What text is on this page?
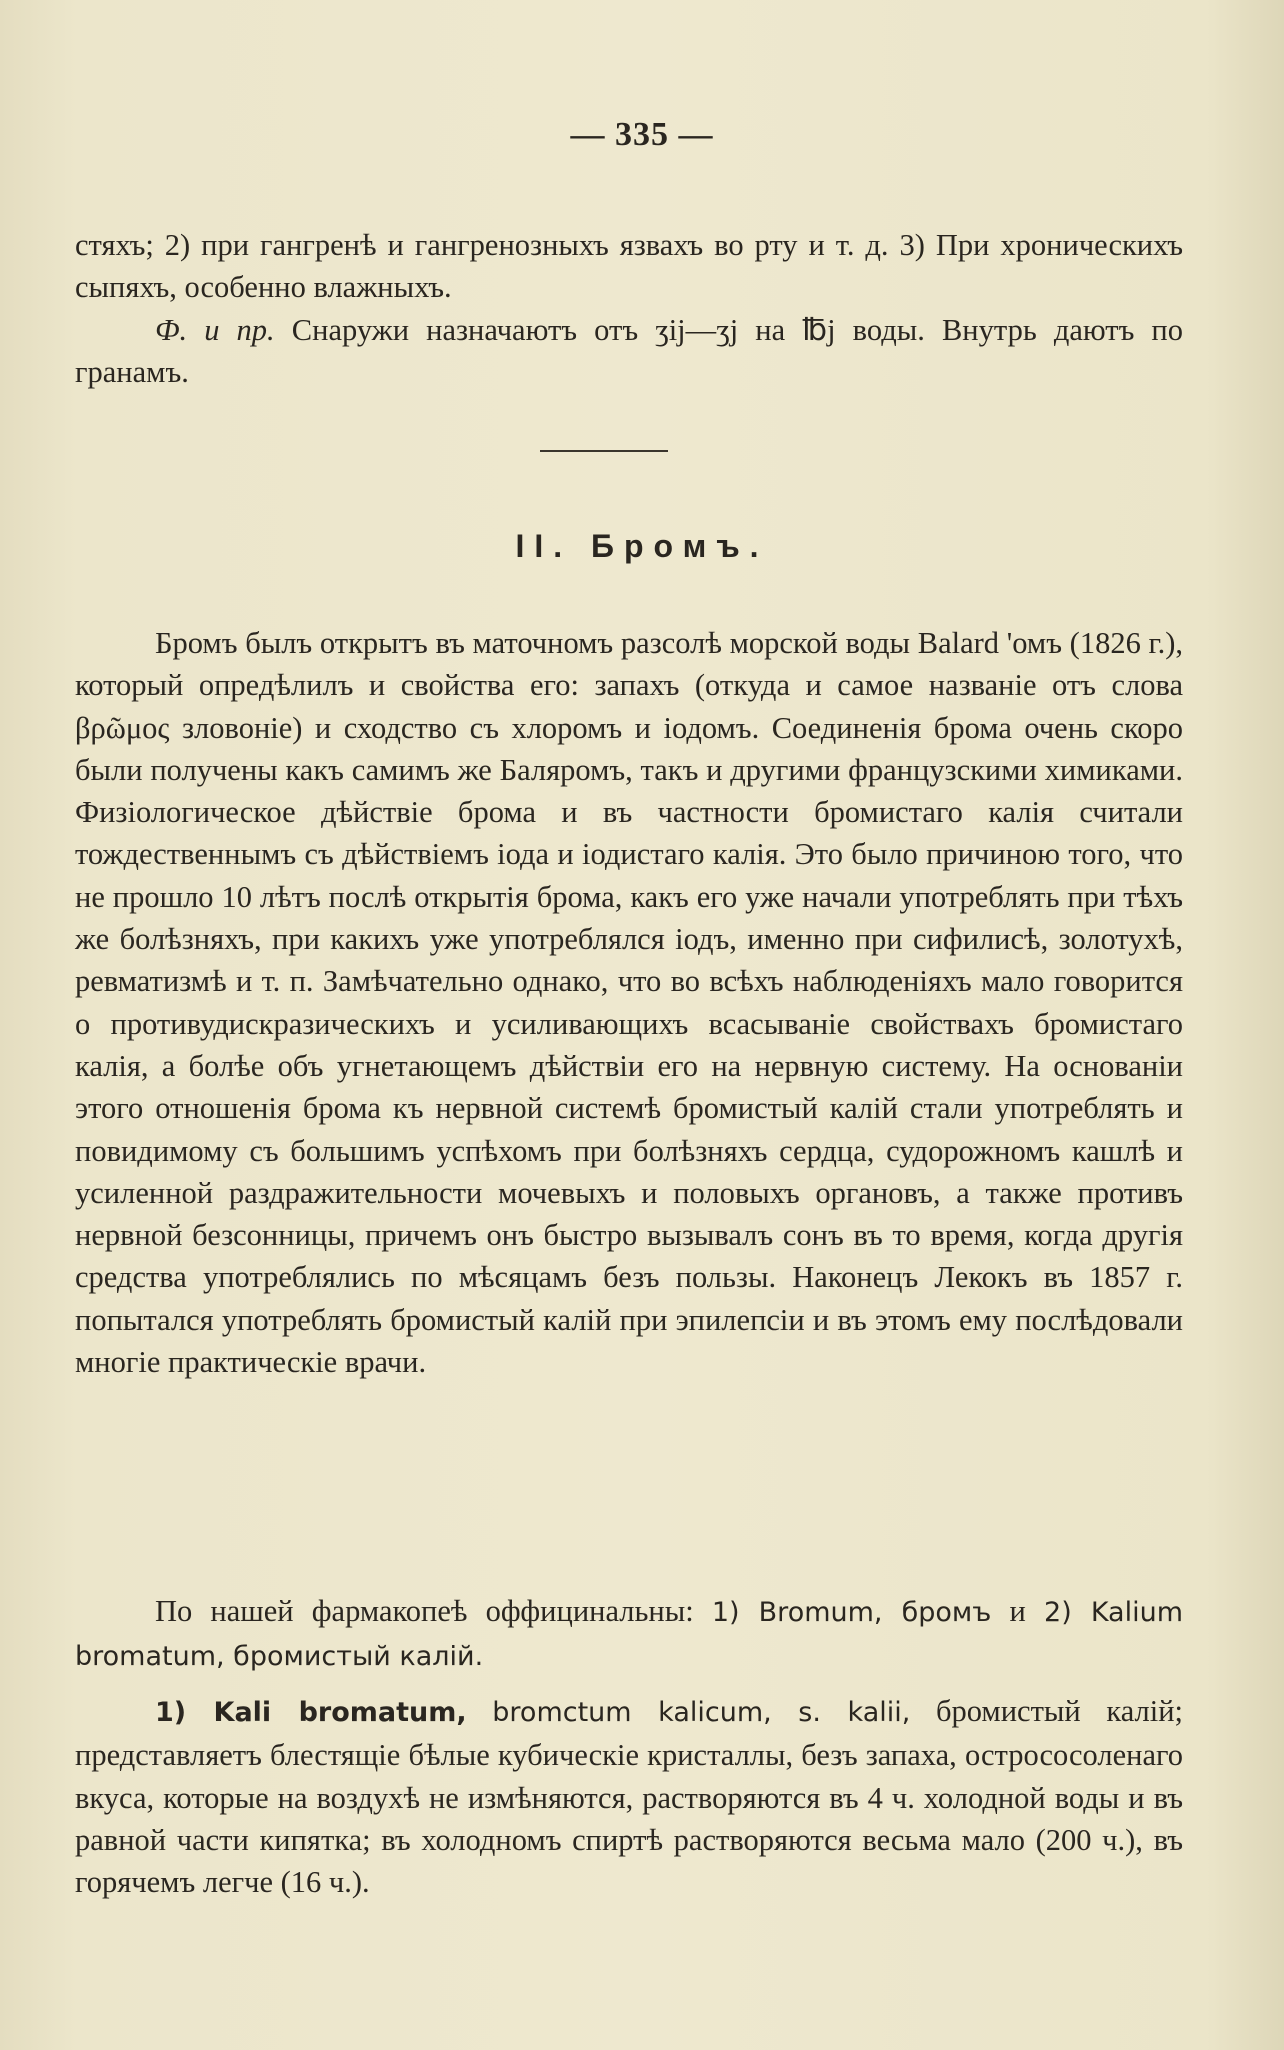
— 335 —

стяхъ; 2) при гангренѣ и гангренозныхъ язвахъ во рту и т. д. 3) При хроническихъ сыпяхъ, особенно влажныхъ.

Ф. и пр. Снаружи назначаютъ отъ ʒij—ʒj на ℔j воды. Внутрь даютъ по гранамъ.

II. Бромъ.

Бромъ былъ открытъ въ маточномъ разсолѣ морской воды Balard 'омъ (1826 г.), который опредѣлилъ и свойства его: запахъ (откуда и самое названіе отъ слова βρῶμος зловоніе) и сходство съ хлоромъ и іодомъ. Соединенія брома очень скоро были получены какъ самимъ же Баляромъ, такъ и другими французскими химиками. Физіологическое дѣйствіе брома и въ частности бромистаго калія считали тождественнымъ съ дѣйствіемъ іода и іодистаго калія. Это было причиною того, что не прошло 10 лѣтъ послѣ открытія брома, какъ его уже начали употреблять при тѣхъ же болѣзняхъ, при какихъ уже употреблялся іодъ, именно при сифилисѣ, золотухѣ, ревматизмѣ и т. п. Замѣчательно однако, что во всѣхъ наблюденіяхъ мало говорится о противудискразическихъ и усиливающихъ всасываніе свойствахъ бромистаго калія, а болѣе объ угнетающемъ дѣйствіи его на нервную систему. На основаніи этого отношенія брома къ нервной системѣ бромистый калій стали употреблять и повидимому съ большимъ успѣхомъ при болѣзняхъ сердца, судорожномъ кашлѣ и усиленной раздражительности мочевыхъ и половыхъ органовъ, а также противъ нервной безсонницы, причемъ онъ быстро вызывалъ сонъ въ то время, когда другія средства употреблялись по мѣсяцамъ безъ пользы. Наконецъ Лекокъ въ 1857 г. попытался употреблять бромистый калій при эпилепсіи и въ этомъ ему послѣдовали многіе практическіе врачи.

По нашей фармакопеѣ оффицинальны: 1) Bromum, бромъ и 2) Kalium bromatum, бромистый калій.

1) Kali bromatum, bromctum kalicum, s. kalii, бромистый калій; представляетъ блестящіе бѣлые кубическіе кристаллы, безъ запаха, острососоленаго вкуса, которые на воздухѣ не измѣняются, растворяются въ 4 ч. холодной воды и въ равной части кипятка; въ холодномъ спиртѣ растворяются весьма мало (200 ч.), въ горячемъ легче (16 ч.).
